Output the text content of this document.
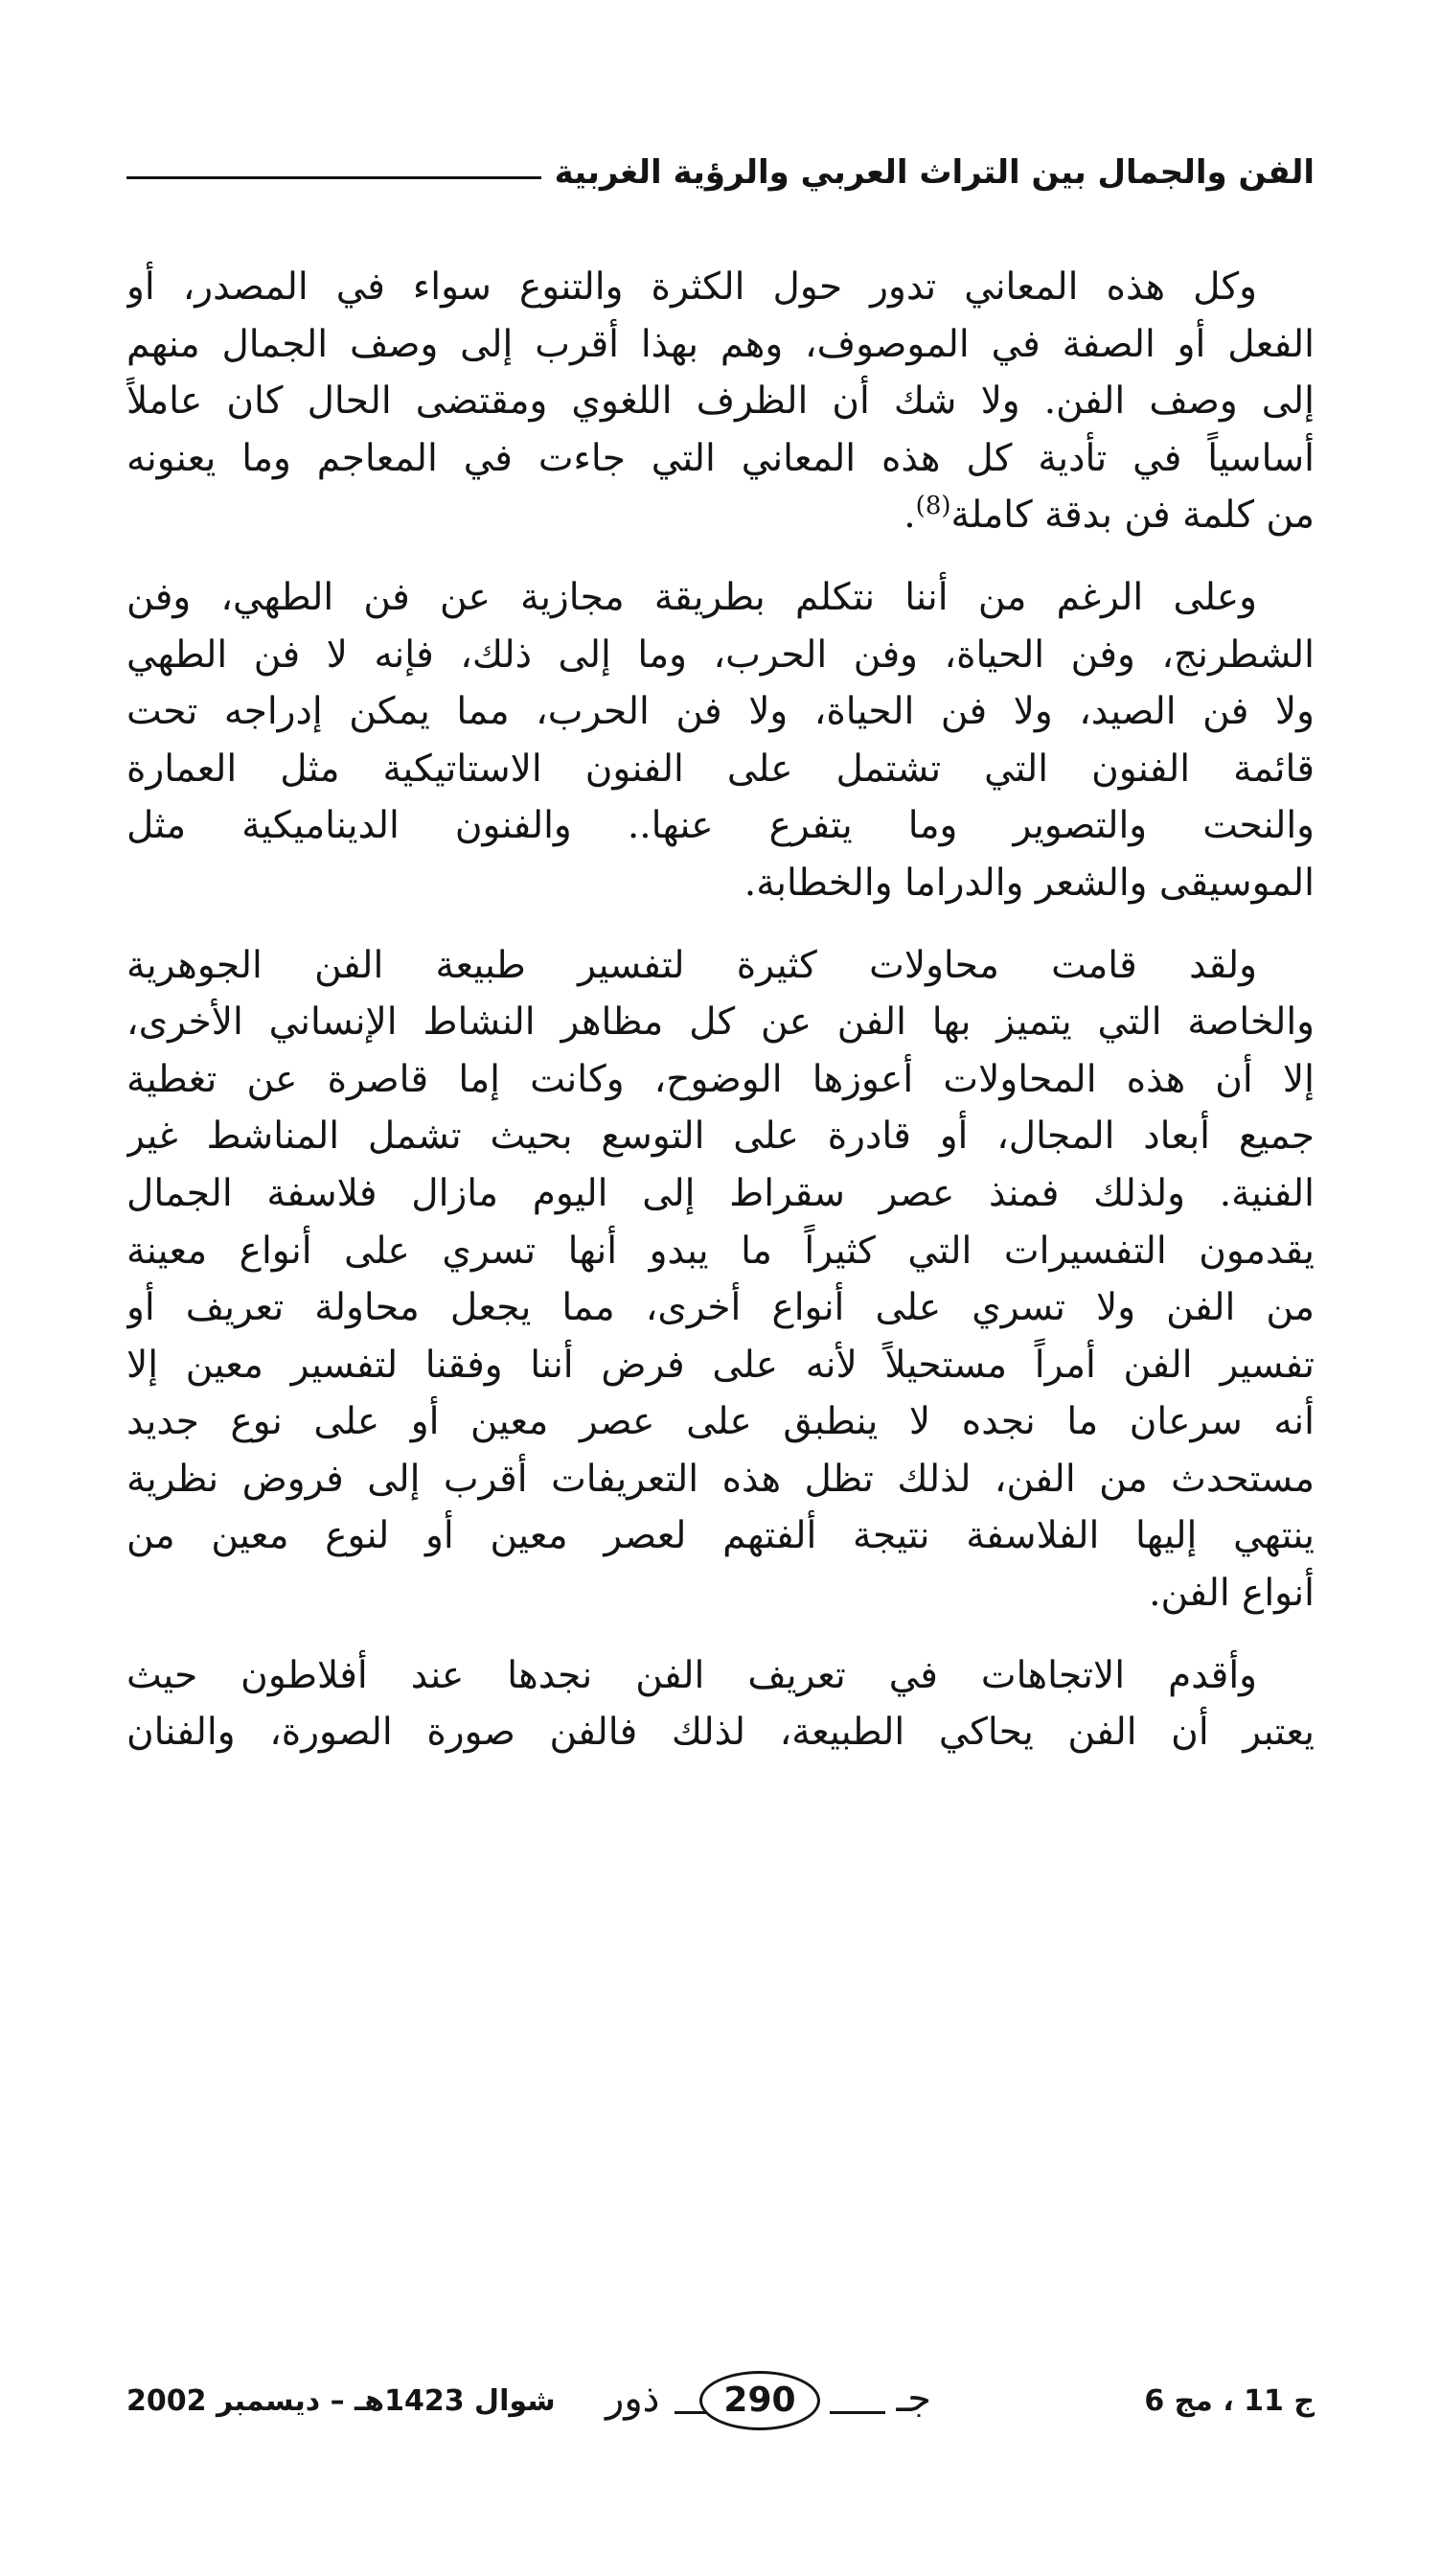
الفن والجمال بين التراث العربي والرؤية الغربية

وكل هذه المعاني تدور حول الكثرة والتنوع سواء في المصدر، أو
الفعل أو الصفة في الموصوف، وهم بهذا أقرب إلى وصف الجمال منهم
إلى وصف الفن. ولا شك أن الظرف اللغوي ومقتضى الحال كان عاملاً
أساسياً في تأدية كل هذه المعاني التي جاءت في المعاجم وما يعنونه
من كلمة فن بدقة كاملة$^{(8)}$.

وعلى الرغم من أننا نتكلم بطريقة مجازية عن فن الطهي، وفن
الشطرنج، وفن الحياة، وفن الحرب، وما إلى ذلك، فإنه لا فن الطهي
ولا فن الصيد، ولا فن الحياة، ولا فن الحرب، مما يمكن إدراجه تحت
قائمة الفنون التي تشتمل على الفنون الاستاتيكية مثل العمارة
والنحت والتصوير وما يتفرع عنها.. والفنون الديناميكية مثل
الموسيقى والشعر والدراما والخطابة.

ولقد قامت محاولات كثيرة لتفسير طبيعة الفن الجوهرية
والخاصة التي يتميز بها الفن عن كل مظاهر النشاط الإنساني الأخرى،
إلا أن هذه المحاولات أعوزها الوضوح، وكانت إما قاصرة عن تغطية
جميع أبعاد المجال، أو قادرة على التوسع بحيث تشمل المناشط غير
الفنية. ولذلك فمنذ عصر سقراط إلى اليوم مازال فلاسفة الجمال
يقدمون التفسيرات التي كثيراً ما يبدو أنها تسري على أنواع معينة
من الفن ولا تسري على أنواع أخرى، مما يجعل محاولة تعريف أو
تفسير الفن أمراً مستحيلاً لأنه على فرض أننا وفقنا لتفسير معين إلا
أنه سرعان ما نجده لا ينطبق على عصر معين أو على نوع جديد
مستحدث من الفن، لذلك تظل هذه التعريفات أقرب إلى فروض نظرية
ينتهي إليها الفلاسفة نتيجة ألفتهم لعصر معين أو لنوع معين من
أنواع الفن.

وأقدم الاتجاهات في تعريف الفن نجدها عند أفلاطون حيث
يعتبر أن الفن يحاكي الطبيعة، لذلك فالفن صورة الصورة، والفنان

ج 11 ، مج 6
جـ
290
ذور
شوال 1423هـ – ديسمبر 2002
